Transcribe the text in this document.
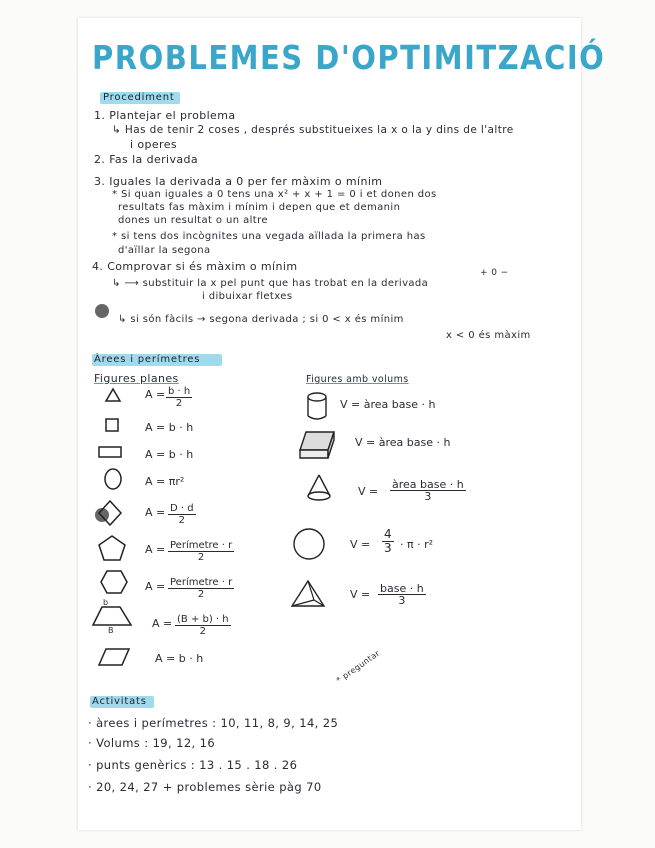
PROBLEMES D'OPTIMITZACIÓ
Procediment
1. Plantejar el problema
↳ Has de tenir 2 coses , després substitueixes la x o la y dins de l'altre
i operes
2. Fas la derivada
3. Iguales la derivada a 0 per fer màxim o mínim
* Si quan iguales a 0 tens una x² + x + 1 = 0 i et donen dos
resultats fas màxim i mínim i depen que et demanin
dones un resultat o un altre
* si tens dos incògnites una vegada aïllada la primera has
d'aïllar la segona
4. Comprovar si és màxim o mínim	+ 0 −
↳ ⟶ substituir la x pel punt que has trobat en la derivada
i dibuixar fletxes
↳ si són fàcils → segona derivada ; si 0 < x és mínim
x < 0 és màxim
Àrees i perímetres
Figures planes	Figures amb volums
$A = \frac{b \cdot h}{2}$
A = b · h
A = b · h
A = πr²
$A = \frac{D \cdot d}{2}$
A = Perímetre · r
2
A = Perímetre · r
2
b
B
$A = \frac{(B + b) \cdot h}{2}$
A = b · h
V = àrea base · h
V = àrea base · h
V =
àrea base · h
3
$V = \frac{4}{3} \cdot \pi \cdot r^2$
V = base · h
3
Activitats
* preguntar
· àrees i perímetres : 10, 11, 8, 9, 14, 25
· Volums : 19, 12, 16
· punts genèrics : 13 . 15 . 18 . 26
· 20, 24, 27 + problemes sèrie pàg 70
